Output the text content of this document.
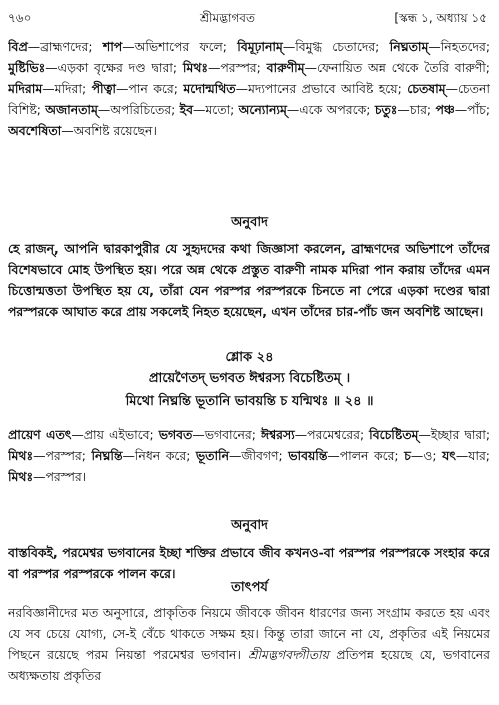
৭৬০	শ্রীমদ্ভাগবত	[স্কন্ধ ১, অধ্যায় ১৫
বিপ্র—ব্রাহ্মণদের; শাপ—অভিশাপের ফলে; বিমূঢ়ানাম্—বিমুগ্ধ চেতাদের; নিঘ্নতাম্—নিহতদের; মুষ্টিভিঃ—এড়কা বৃক্ষের দণ্ড দ্বারা; মিথঃ—পরস্পর; বারুণীম্—ফেনায়িত অন্ন থেকে তৈরি বারুণী; মদিরাম—মদিরা; পীত্বা—পান করে; মদোন্মথিত—মদ্যপানের প্রভাবে আবিষ্ট হয়ে; চেতষাম্—চেতনা বিশিষ্ট; অজানতাম্—অপরিচিতের; ইব—মতো; অন্যোন্যম্—একে অপরকে; চতুঃ—চার; পঞ্চ—পাঁচ; অবশেষিতা—অবশিষ্ট রয়েছেন।
অনুবাদ
হে রাজন্, আপনি দ্বারকাপুরীর যে সুহৃদদের কথা জিজ্ঞাসা করলেন, ব্রাহ্মণদের অভিশাপে তাঁদের বিশেষভাবে মোহ উপস্থিত হয়। পরে অন্ন থেকে প্রস্তুত বারুণী নামক মদিরা পান করায় তাঁদের এমন চিত্তোন্মত্ততা উপস্থিত হয় যে, তাঁরা যেন পরস্পর পরস্পরকে চিনতে না পেরে এড়কা দণ্ডের দ্বারা পরস্পরকে আঘাত করে প্রায় সকলেই নিহত হয়েছেন, এখন তাঁদের চার-পাঁচ জন অবশিষ্ট আছেন।
শ্লোক ২৪
প্রায়েণৈতদ্ ভগবত ঈশ্বরস্য বিচেষ্টিতম্ ।
মিথো নিঘ্নন্তি ভূতানি ভাবয়ন্তি চ যন্মিথঃ ॥ ২৪ ॥
প্রায়েণ এতৎ—প্রায় এইভাবে; ভগবত—ভগবানের; ঈশ্বরস্য—পরমেশ্বরের; বিচেষ্টিতম্—ইচ্ছার দ্বারা; মিথঃ—পরস্পর; নিঘ্নন্তি—নিধন করে; ভূতানি—জীবগণ; ভাবয়ন্তি—পালন করে; চ—ও; যৎ—যার; মিথঃ—পরস্পর।
অনুবাদ
বাস্তবিকই, পরমেশ্বর ভগবানের ইচ্ছা শক্তির প্রভাবে জীব কখনও-বা পরস্পর পরস্পরকে সংহার করে বা পরস্পর পরস্পরকে পালন করে।
তাৎপর্য
নরবিজ্ঞানীদের মত অনুসারে, প্রাকৃতিক নিয়মে জীবকে জীবন ধারণের জন্য সংগ্রাম করতে হয় এবং যে সব চেয়ে যোগ্য, সে-ই বেঁচে থাকতে সক্ষম হয়। কিন্তু তারা জানে না যে, প্রকৃতির এই নিয়মের পিছনে রয়েছে পরম নিয়ন্তা পরমেশ্বর ভগবান। শ্রীমদ্ভগবদ্গীতায় প্রতিপন্ন হয়েছে যে, ভগবানের অধ্যক্ষতায় প্রকৃতির
